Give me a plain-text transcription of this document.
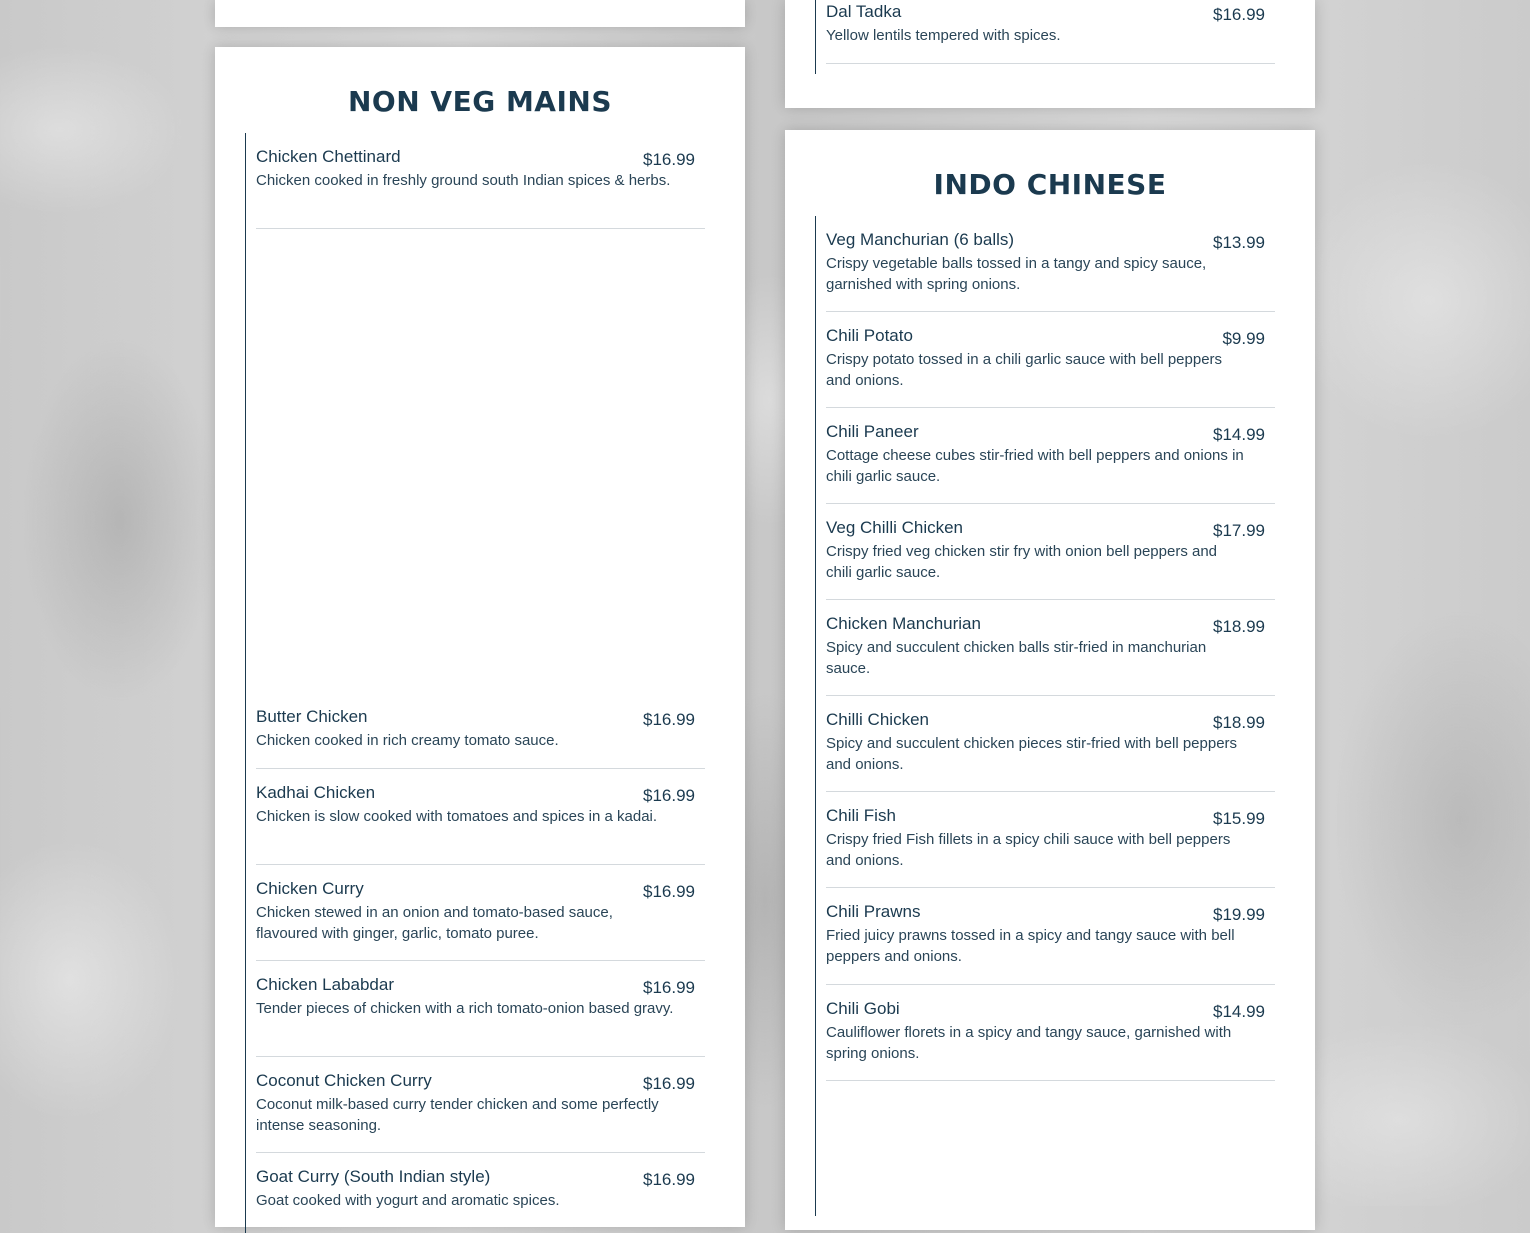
Dal Tadka	$16.99
Yellow lentils tempered with spices.
NON VEG MAINS
Chicken Chettinard	$16.99
Chicken cooked in freshly ground south Indian spices & herbs.
Butter Chicken	$16.99
Chicken cooked in rich creamy tomato sauce.
Kadhai Chicken	$16.99
Chicken is slow cooked with tomatoes and spices in a kadai.
Chicken Curry	$16.99
Chicken stewed in an onion and tomato-based sauce, flavoured with ginger, garlic, tomato puree.
Chicken Lababdar	$16.99
Tender pieces of chicken with a rich tomato-onion based gravy.
Coconut Chicken Curry	$16.99
Coconut milk-based curry tender chicken and some perfectly intense seasoning.
Goat Curry (South Indian style)	$16.99
Goat cooked with yogurt and aromatic spices.
INDO CHINESE
Veg Manchurian (6 balls)	$13.99
Crispy vegetable balls tossed in a tangy and spicy sauce, garnished with spring onions.
Chili Potato	$9.99
Crispy potato tossed in a chili garlic sauce with bell peppers and onions.
Chili Paneer	$14.99
Cottage cheese cubes stir-fried with bell peppers and onions in chili garlic sauce.
Veg Chilli Chicken	$17.99
Crispy fried veg chicken stir fry with onion bell peppers and chili garlic sauce.
Chicken Manchurian	$18.99
Spicy and succulent chicken balls stir-fried in manchurian sauce.
Chilli Chicken	$18.99
Spicy and succulent chicken pieces stir-fried with bell peppers and onions.
Chili Fish	$15.99
Crispy fried Fish fillets in a spicy chili sauce with bell peppers and onions.
Chili Prawns	$19.99
Fried juicy prawns tossed in a spicy and tangy sauce with bell peppers and onions.
Chili Gobi	$14.99
Cauliflower florets in a spicy and tangy sauce, garnished with spring onions.
